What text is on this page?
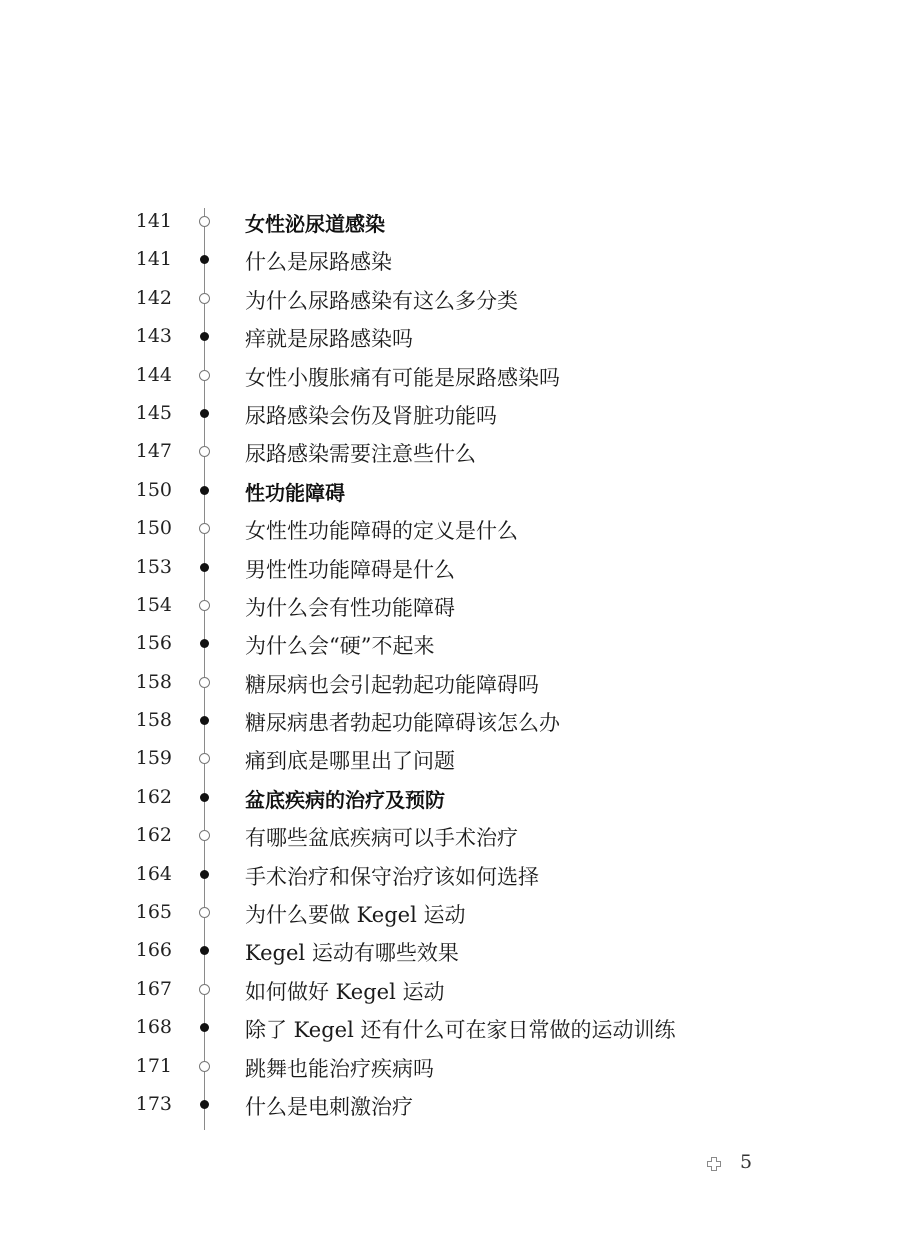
141	女性泌尿道感染
141	什么是尿路感染
142	为什么尿路感染有这么多分类
143	痒就是尿路感染吗
144	女性小腹胀痛有可能是尿路感染吗
145	尿路感染会伤及肾脏功能吗
147	尿路感染需要注意些什么
150	性功能障碍
150	女性性功能障碍的定义是什么
153	男性性功能障碍是什么
154	为什么会有性功能障碍
156	为什么会“硬”不起来
158	糖尿病也会引起勃起功能障碍吗
158	糖尿病患者勃起功能障碍该怎么办
159	痛到底是哪里出了问题
162	盆底疾病的治疗及预防
162	有哪些盆底疾病可以手术治疗
164	手术治疗和保守治疗该如何选择
165	为什么要做 Kegel 运动
166	Kegel 运动有哪些效果
167	如何做好 Kegel 运动
168	除了 Kegel 还有什么可在家日常做的运动训练
171	跳舞也能治疗疾病吗
173	什么是电刺激治疗
5
